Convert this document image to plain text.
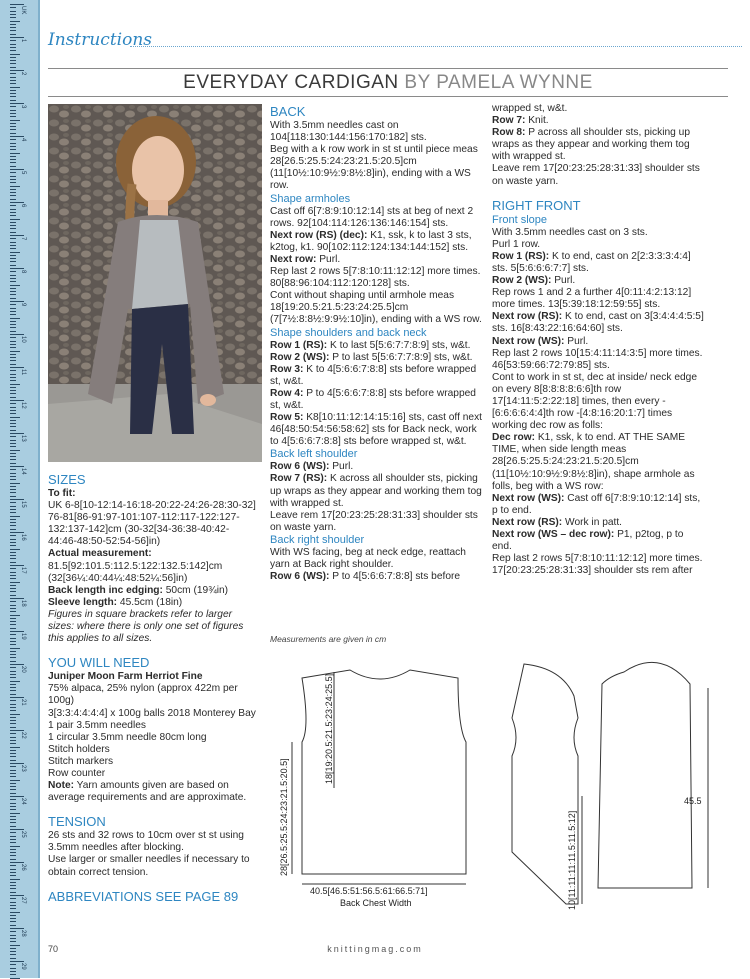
UK
1
2
3
4
5
6
7
8
9
10
11
12
13
14
15
16
17
18
19
20
21
22
23
24
25
26
27
28
29
Instructions
EVERYDAY CARDIGAN BY PAMELA WYNNE

SIZES

To fit:

UK 6-8[10-12:14-16:18-20:22-24:26-28:30-32] 76-81[86-91:97-101:107-112:117-122:127-132:137-142]cm (30-32[34-36:38-40:42-44:46-48:50-52:54-56]in)

Actual measurement:

81.5[92:101.5:112.5:122:132.5:142]cm (32[36¼:40:44¼:48:52¼:56]in)

Back length inc edging: 50cm (19¾in)

Sleeve length: 45.5cm (18in)

Figures in square brackets refer to larger sizes: where there is only one set of figures this applies to all sizes.

YOU WILL NEED

Juniper Moon Farm Herriot Fine

75% alpaca, 25% nylon (approx 422m per 100g)

3[3:3:4:4:4:4] x 100g balls 2018 Monterey Bay

1 pair 3.5mm needles

1 circular 3.5mm needle 80cm long

Stitch holders

Stitch markers

Row counter

Note: Yarn amounts given are based on average requirements and are approximate.

TENSION

26 sts and 32 rows to 10cm over st st using 3.5mm needles after blocking.

Use larger or smaller needles if necessary to obtain correct tension.

ABBREVIATIONS SEE PAGE 89

BACK

With 3.5mm needles cast on 104[118:130:144:156:170:182] sts.

Beg with a k row work in st st until piece meas 28[26.5:25.5:24:23:21.5:20.5]cm (11[10½:10:9½:9:8½:8]in), ending with a WS row.

Shape armholes

Cast off 6[7:8:9:10:12:14] sts at beg of next 2 rows. 92[104:114:126:136:146:154] sts.

Next row (RS) (dec): K1, ssk, k to last 3 sts, k2tog, k1. 90[102:112:124:134:144:152] sts.

Next row: Purl.

Rep last 2 rows 5[7:8:10:11:12:12] more times. 80[88:96:104:112:120:128] sts.

Cont without shaping until armhole meas 18[19:20.5:21.5:23:24:25.5]cm (7[7½:8:8½:9:9½:10]in), ending with a WS row.

Shape shoulders and back neck

Row 1 (RS): K to last 5[5:6:7:7:8:9] sts, w&t.

Row 2 (WS): P to last 5[5:6:7:7:8:9] sts, w&t.

Row 3: K to 4[5:6:6:7:8:8] sts before wrapped st, w&t.

Row 4: P to 4[5:6:6:7:8:8] sts before wrapped st, w&t.

Row 5: K8[10:11:12:14:15:16] sts, cast off next 46[48:50:54:56:58:62] sts for Back neck, work to 4[5:6:6:7:8:8] sts before wrapped st, w&t.

Back left shoulder

Row 6 (WS): Purl.

Row 7 (RS): K across all shoulder sts, picking up wraps as they appear and working them tog with wrapped st.

Leave rem 17[20:23:25:28:31:33] shoulder sts on waste yarn.

Back right shoulder

With WS facing, beg at neck edge, reattach yarn at Back right shoulder.

Row 6 (WS): P to 4[5:6:6:7:8:8] sts before

wrapped st, w&t.

Row 7: Knit.

Row 8: P across all shoulder sts, picking up wraps as they appear and working them tog with wrapped st.

Leave rem 17[20:23:25:28:31:33] shoulder sts on waste yarn.

RIGHT FRONT

Front slope

With 3.5mm needles cast on 3 sts.

Purl 1 row.

Row 1 (RS): K to end, cast on 2[2:3:3:3:4:4] sts. 5[5:6:6:6:7:7] sts.

Row 2 (WS): Purl.

Rep rows 1 and 2 a further 4[0:11:4:2:13:12] more times. 13[5:39:18:12:59:55] sts.

Next row (RS): K to end, cast on 3[3:4:4:4:5:5] sts. 16[8:43:22:16:64:60] sts.

Next row (WS): Purl.

Rep last 2 rows 10[15:4:11:14:3:5] more times. 46[53:59:66:72:79:85] sts.

Cont to work in st st, dec at inside/ neck edge on every 8[8:8:8:8:6:6]th row 17[14:11:5:2:22:18] times, then every -[6:6:6:6:4:4]th row -[4:8:16:20:1:7] times working dec row as folls:

Dec row: K1, ssk, k to end. AT THE SAME TIME, when side length meas 28[26.5:25.5:24:23:21.5:20.5]cm (11[10½:10:9½:9:8½:8]in), shape armhole as folls, beg with a WS row:

Next row (WS): Cast off 6[7:8:9:10:12:14] sts, p to end.

Next row (RS): Work in patt.

Next row (WS – dec row): P1, p2tog, p to end.

Rep last 2 rows 5[7:8:10:11:12:12] more times. 17[20:23:25:28:31:33] shoulder sts rem after

Measurements are given in cm
28[26.5:25.5:24:23:21.5:20.5]
18[19:20.5:21.5:23:24:25.5]
40.5[46.5:51:56.5:61:66.5:71]
Back Chest Width	10[11:11:11:11.5:11.5:12]
45.5
70	knittingmag.com
